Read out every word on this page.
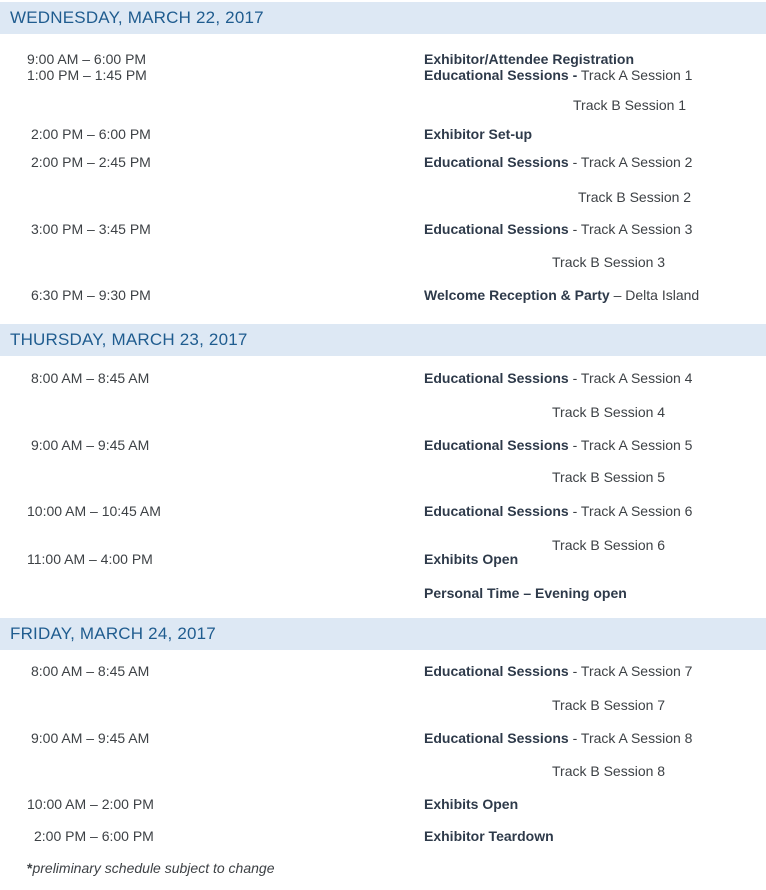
WEDNESDAY, MARCH 22, 2017
9:00 AM – 6:00 PM	Exhibitor/Attendee Registration
1:00 PM – 1:45 PM	Educational Sessions - Track A Session 1
Track B Session 1
2:00 PM – 6:00 PM	Exhibitor Set-up
2:00 PM – 2:45 PM	Educational Sessions - Track A Session 2
Track B Session 2
3:00 PM – 3:45 PM	Educational Sessions - Track A Session 3
Track B Session 3
6:30 PM – 9:30 PM	Welcome Reception & Party – Delta Island
THURSDAY, MARCH 23, 2017
8:00 AM – 8:45 AM	Educational Sessions - Track A Session 4
Track B Session 4
9:00 AM – 9:45 AM	Educational Sessions - Track A Session 5
Track B Session 5
10:00 AM – 10:45 AM	Educational Sessions - Track A Session 6
Track B Session 6
11:00 AM – 4:00 PM	Exhibits Open
Personal Time – Evening open
FRIDAY, MARCH 24, 2017
8:00 AM – 8:45 AM	Educational Sessions - Track A Session 7
Track B Session 7
9:00 AM – 9:45 AM	Educational Sessions - Track A Session 8
Track B Session 8
10:00 AM – 2:00 PM	Exhibits Open
2:00 PM – 6:00 PM	Exhibitor Teardown
*preliminary schedule subject to change
